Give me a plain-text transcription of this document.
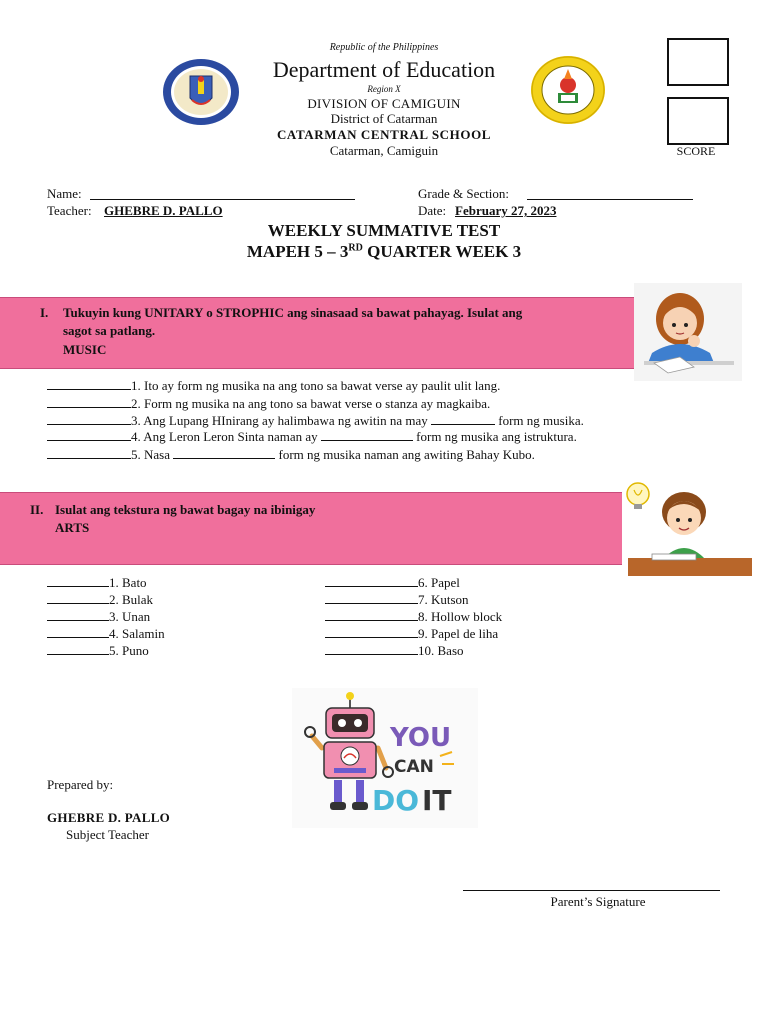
Republic of the Philippines
Department of Education
Region X
DIVISION OF CAMIGUIN
District of Catarman
CATARMAN CENTRAL SCHOOL
Catarman, Camiguin	SCORE
Name:
Teacher: GHEBRE D. PALLO
Grade & Section:
Date: February 27, 2023
WEEKLY SUMMATIVE TEST
MAPEH 5 – 3RD QUARTER WEEK 3
I. Tukuyin kung UNITARY o STROPHIC ang sinasaad sa bawat pahayag. Isulat ang
sagot sa patlang.
MUSIC
1. Ito ay form ng musika na ang tono sa bawat verse ay paulit ulit lang.
2. Form ng musika na ang tono sa bawat verse o stanza ay magkaiba.
3. Ang Lupang HInirang ay halimbawa ng awitin na may	form ng musika.
4. Ang Leron Leron Sinta naman ay	form ng musika ang istruktura.
5. Nasa	form ng musika naman ang awiting Bahay Kubo.
II. Isulat ang tekstura ng bawat bagay na ibinigay
ARTS
1. Bato
2. Bulak
3. Unan
4. Salamin
5. Puno
6. Papel
7. Kutson
8. Hollow block
9. Papel de liha
10. Baso
YOU
CAN
DO IT
Prepared by:
GHEBRE D. PALLO
Subject Teacher
Parent’s Signature
